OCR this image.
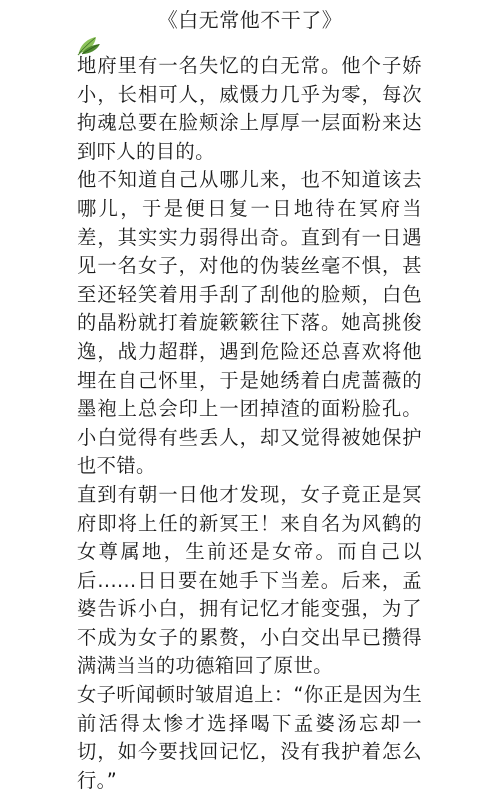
《白无常他不干了》

地府里有一名失忆的白无常。他个子娇小，长相可人，威慑力几乎为零，每次拘魂总要在脸颊涂上厚厚一层面粉来达到吓人的目的。

他不知道自己从哪儿来，也不知道该去哪儿，于是便日复一日地待在冥府当差，其实实力弱得出奇。直到有一日遇见一名女子，对他的伪装丝毫不惧，甚至还轻笑着用手刮了刮他的脸颊，白色的晶粉就打着旋簌簌往下落。她高挑俊逸，战力超群，遇到危险还总喜欢将他埋在自己怀里，于是她绣着白虎蔷薇的墨袍上总会印上一团掉渣的面粉脸孔。小白觉得有些丢人，却又觉得被她保护也不错。

直到有朝一日他才发现，女子竟正是冥府即将上任的新冥王！来自名为风鹤的女尊属地，生前还是女帝。而自己以后......日日要在她手下当差。后来，孟婆告诉小白，拥有记忆才能变强，为了不成为女子的累赘，小白交出早已攒得满满当当的功德箱回了原世。

女子听闻顿时皱眉追上：“你正是因为生前活得太惨才选择喝下孟婆汤忘却一切，如今要找回记忆，没有我护着怎么行。”
